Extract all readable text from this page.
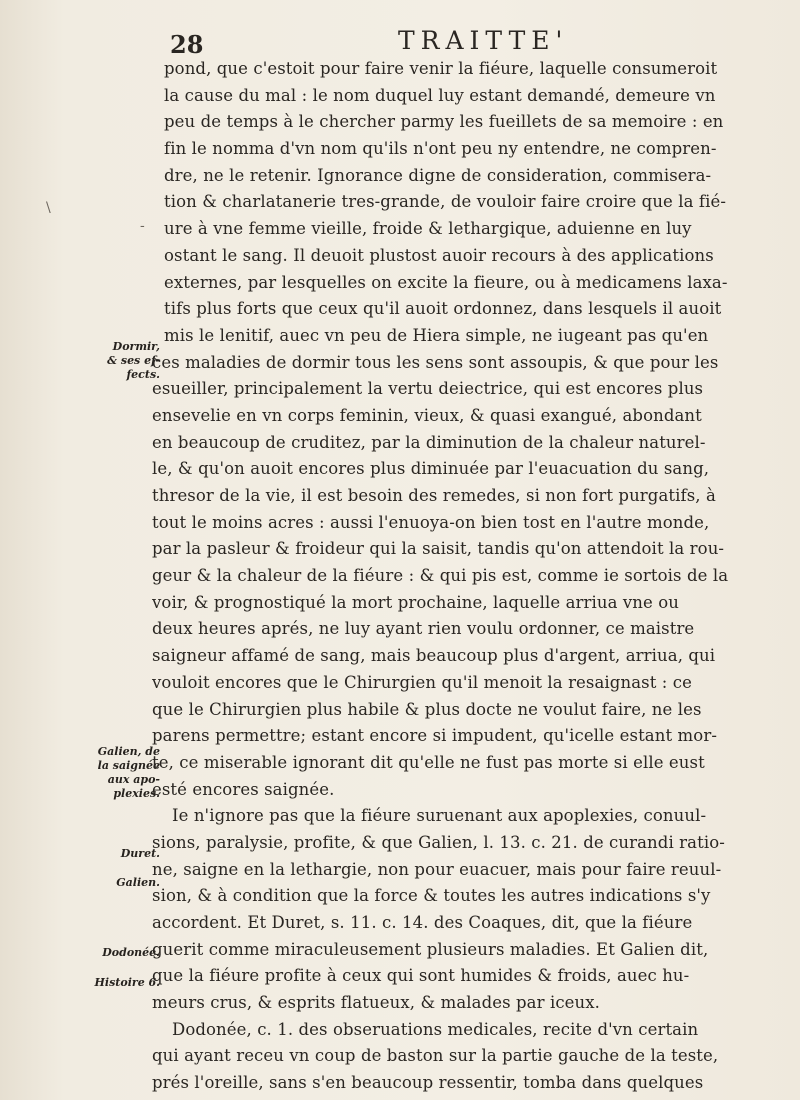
28	TRAITTE'
\
-
Dormir,
& ses ef-
fects.
Galien, de
la saignée
aux apo-
plexies.
Duret.
Galien.
Dodonée.
Histoire 6.
pond, que c'estoit pour faire venir la fiéure, laquelle consumeroit
la cause du mal : le nom duquel luy estant demandé, demeure vn
peu de temps à le chercher parmy les fueillets de sa memoire : en
fin le nomma d'vn nom qu'ils n'ont peu ny entendre, ne compren-
dre, ne le retenir. Ignorance digne de consideration, commisera-
tion & charlatanerie tres-grande, de vouloir faire croire que la fié-
ure à vne femme vieille, froide & lethargique, aduienne en luy
ostant le sang. Il deuoit plustost auoir recours à des applications
externes, par lesquelles on excite la fieure, ou à medicamens laxa-
tifs plus forts que ceux qu'il auoit ordonnez, dans lesquels il auoit
mis le lenitif, auec vn peu de Hiera simple, ne iugeant pas qu'en
ces maladies de dormir tous les sens sont assoupis, & que pour les
esueiller, principalement la vertu deiectrice, qui est encores plus
ensevelie en vn corps feminin, vieux, & quasi exangué, abondant
en beaucoup de cruditez, par la diminution de la chaleur naturel-
le, & qu'on auoit encores plus diminuée par l'euacuation du sang,
thresor de la vie, il est besoin des remedes, si non fort purgatifs, à
tout le moins acres : aussi l'enuoya-on bien tost en l'autre monde,
par la pasleur & froideur qui la saisit, tandis qu'on attendoit la rou-
geur & la chaleur de la fiéure : & qui pis est, comme ie sortois de la
voir, & prognostiqué la mort prochaine, laquelle arriua vne ou
deux heures aprés, ne luy ayant rien voulu ordonner, ce maistre
saigneur affamé de sang, mais beaucoup plus d'argent, arriua, qui
vouloit encores que le Chirurgien qu'il menoit la resaignast : ce
que le Chirurgien plus habile & plus docte ne voulut faire, ne les
parens permettre; estant encore si impudent, qu'icelle estant mor-
te, ce miserable ignorant dit qu'elle ne fust pas morte si elle eust
esté encores saignée.
Ie n'ignore pas que la fiéure suruenant aux apoplexies, conuul-
sions, paralysie, profite, & que Galien, l. 13. c. 21. de curandi ratio-
ne, saigne en la lethargie, non pour euacuer, mais pour faire reuul-
sion, & à condition que la force & toutes les autres indications s'y
accordent. Et Duret, s. 11. c. 14. des Coaques, dit, que la fiéure
guerit comme miraculeusement plusieurs maladies. Et Galien dit,
que la fiéure profite à ceux qui sont humides & froids, auec hu-
meurs crus, & esprits flatueux, & malades par iceux.
Dodonée, c. 1. des obseruations medicales, recite d'vn certain
qui ayant receu vn coup de baston sur la partie gauche de la teste,
prés l'oreille, sans s'en beaucoup ressentir, tomba dans quelques
